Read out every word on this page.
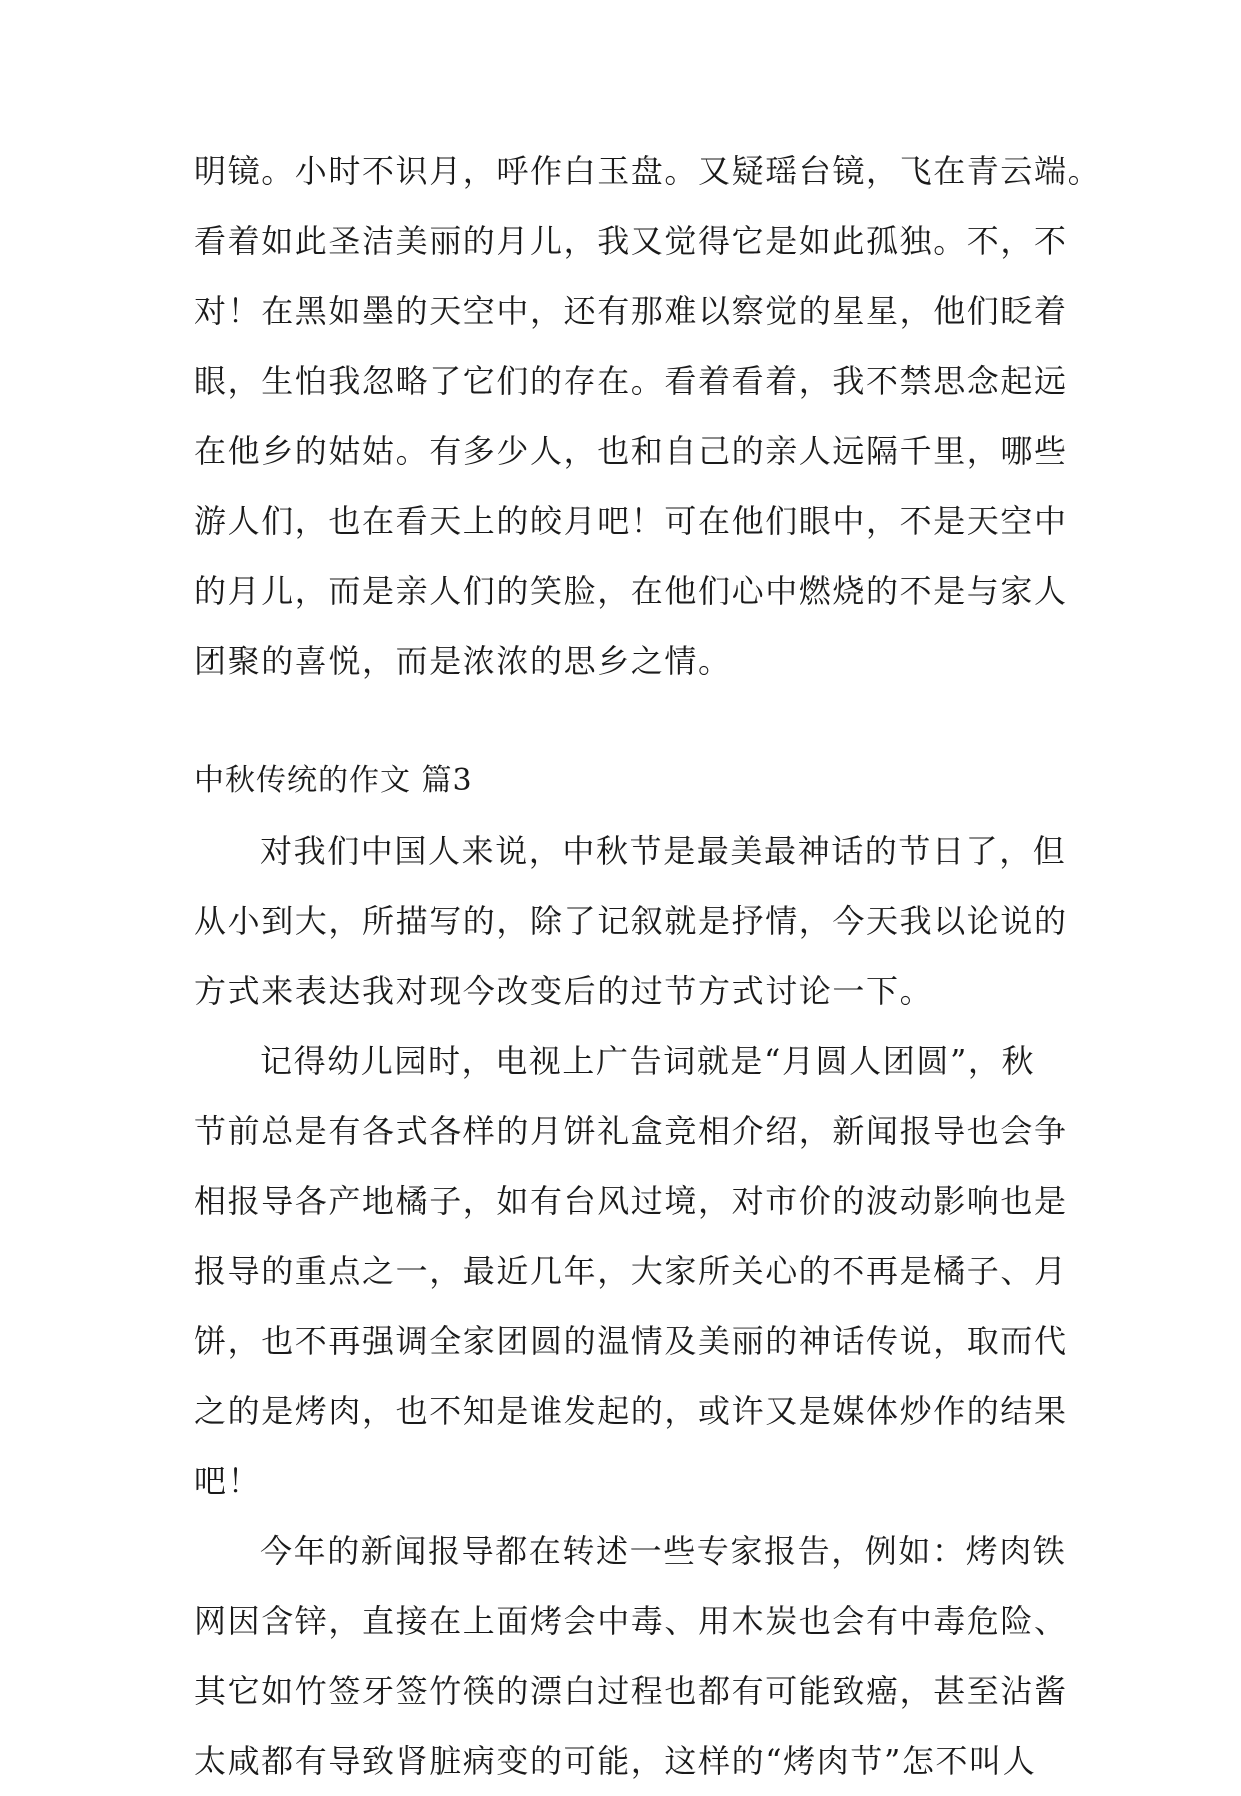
明镜。小时不识月，呼作白玉盘。又疑瑶台镜，飞在青云端。
看着如此圣洁美丽的月儿，我又觉得它是如此孤独。不，不
对！在黑如墨的天空中，还有那难以察觉的星星，他们眨着
眼，生怕我忽略了它们的存在。看着看着，我不禁思念起远
在他乡的姑姑。有多少人，也和自己的亲人远隔千里，哪些
游人们，也在看天上的皎月吧！可在他们眼中，不是天空中
的月儿，而是亲人们的笑脸，在他们心中燃烧的不是与家人
团聚的喜悦，而是浓浓的思乡之情。
中秋传统的作文 篇3
对我们中国人来说，中秋节是最美最神话的节日了，但
从小到大，所描写的，除了记叙就是抒情，今天我以论说的
方式来表达我对现今改变后的过节方式讨论一下。
记得幼儿园时，电视上广告词就是“月圆人团圆”，秋
节前总是有各式各样的月饼礼盒竞相介绍，新闻报导也会争
相报导各产地橘子，如有台风过境，对市价的波动影响也是
报导的重点之一，最近几年，大家所关心的不再是橘子、月
饼，也不再强调全家团圆的温情及美丽的神话传说，取而代
之的是烤肉，也不知是谁发起的，或许又是媒体炒作的结果
吧！
今年的新闻报导都在转述一些专家报告，例如：烤肉铁
网因含锌，直接在上面烤会中毒、用木炭也会有中毒危险、
其它如竹签牙签竹筷的漂白过程也都有可能致癌，甚至沾酱
太咸都有导致肾脏病变的可能，这样的“烤肉节”怎不叫人
